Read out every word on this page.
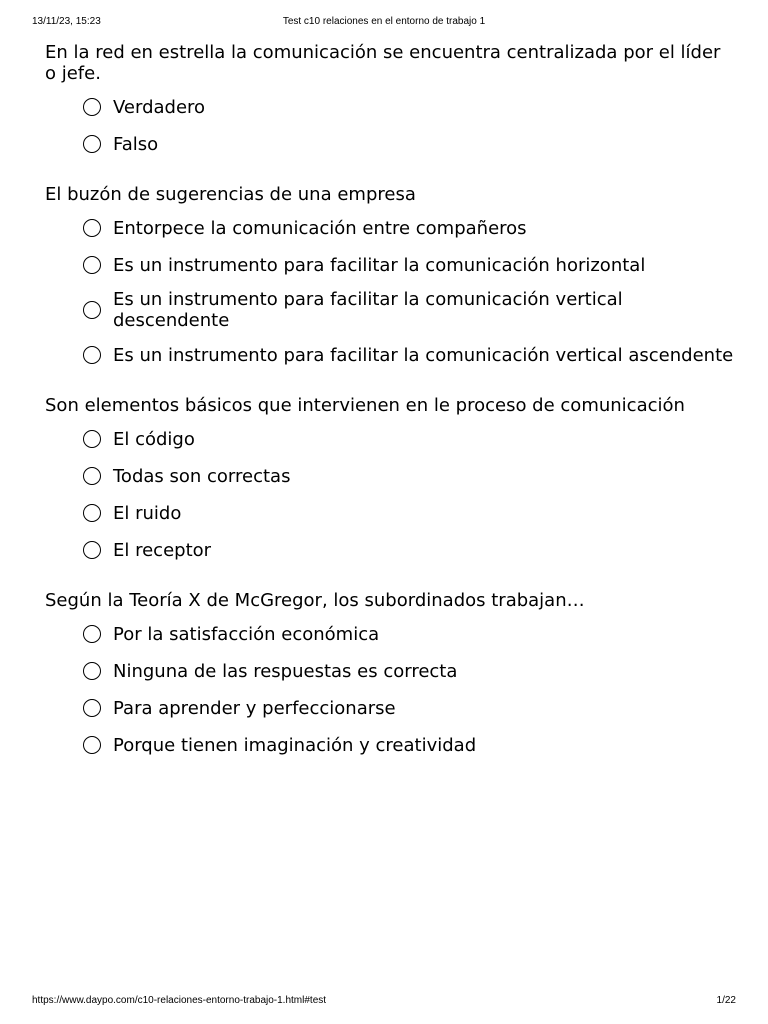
13/11/23, 15:23	Test c10 relaciones en el entorno de trabajo 1
En la red en estrella la comunicación se encuentra centralizada por el líder o jefe.
Verdadero
Falso
El buzón de sugerencias de una empresa
Entorpece la comunicación entre compañeros
Es un instrumento para facilitar la comunicación horizontal
Es un instrumento para facilitar la comunicación vertical descendente
Es un instrumento para facilitar la comunicación vertical ascendente
Son elementos básicos que intervienen en le proceso de comunicación
El código
Todas son correctas
El ruido
El receptor
Según la Teoría X de McGregor, los subordinados trabajan…
Por la satisfacción económica
Ninguna de las respuestas es correcta
Para aprender y perfeccionarse
Porque tienen imaginación y creatividad
https://www.daypo.com/c10-relaciones-entorno-trabajo-1.html#test	1/22
